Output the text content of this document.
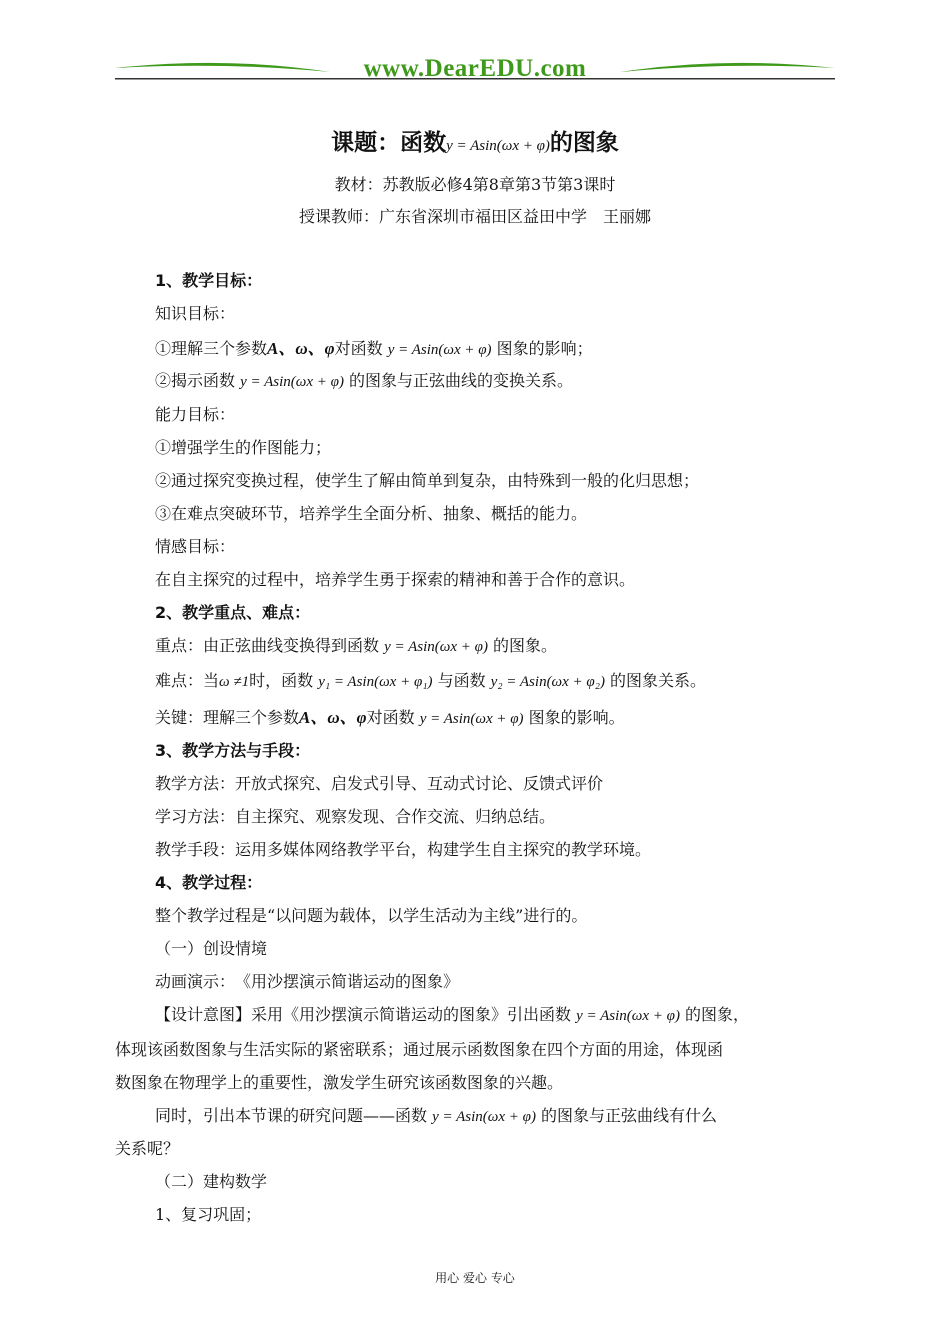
www.DearEDU.com
课题：函数y = Asin(ωx + φ)的图象
教材：苏教版必修4第8章第3节第3课时
授课教师：广东省深圳市福田区益田中学　王丽娜
1、教学目标：
知识目标：
①理解三个参数A、ω、φ对函数 y = Asin(ωx + φ) 图象的影响；
②揭示函数 y = Asin(ωx + φ) 的图象与正弦曲线的变换关系。
能力目标：
①增强学生的作图能力；
②通过探究变换过程，使学生了解由简单到复杂，由特殊到一般的化归思想；
③在难点突破环节，培养学生全面分析、抽象、概括的能力。
情感目标：
在自主探究的过程中，培养学生勇于探索的精神和善于合作的意识。
2、教学重点、难点：
重点：由正弦曲线变换得到函数 y = Asin(ωx + φ) 的图象。
难点：当ω ≠1时，函数 y₁ = Asin(ωx + φ₁) 与函数 y₂ = Asin(ωx + φ₂) 的图象关系。
关键：理解三个参数A、ω、φ对函数 y = Asin(ωx + φ) 图象的影响。
3、教学方法与手段：
教学方法：开放式探究、启发式引导、互动式讨论、反馈式评价
学习方法：自主探究、观察发现、合作交流、归纳总结。
教学手段：运用多媒体网络教学平台，构建学生自主探究的教学环境。
4、教学过程：
整个教学过程是“以问题为载体，以学生活动为主线”进行的。
（一）创设情境
动画演示：　《用沙摆演示简谐运动的图象》
【设计意图】采用《用沙摆演示简谐运动的图象》引出函数 y = Asin(ωx + φ) 的图象，
体现该函数图象与生活实际的紧密联系；通过展示函数图象在四个方面的用途，体现函
数图象在物理学上的重要性，激发学生研究该函数图象的兴趣。
同时，引出本节课的研究问题——函数 y = Asin(ωx + φ) 的图象与正弦曲线有什么
关系呢？
（二）建构数学
1、复习巩固；
用心 爱心 专心
